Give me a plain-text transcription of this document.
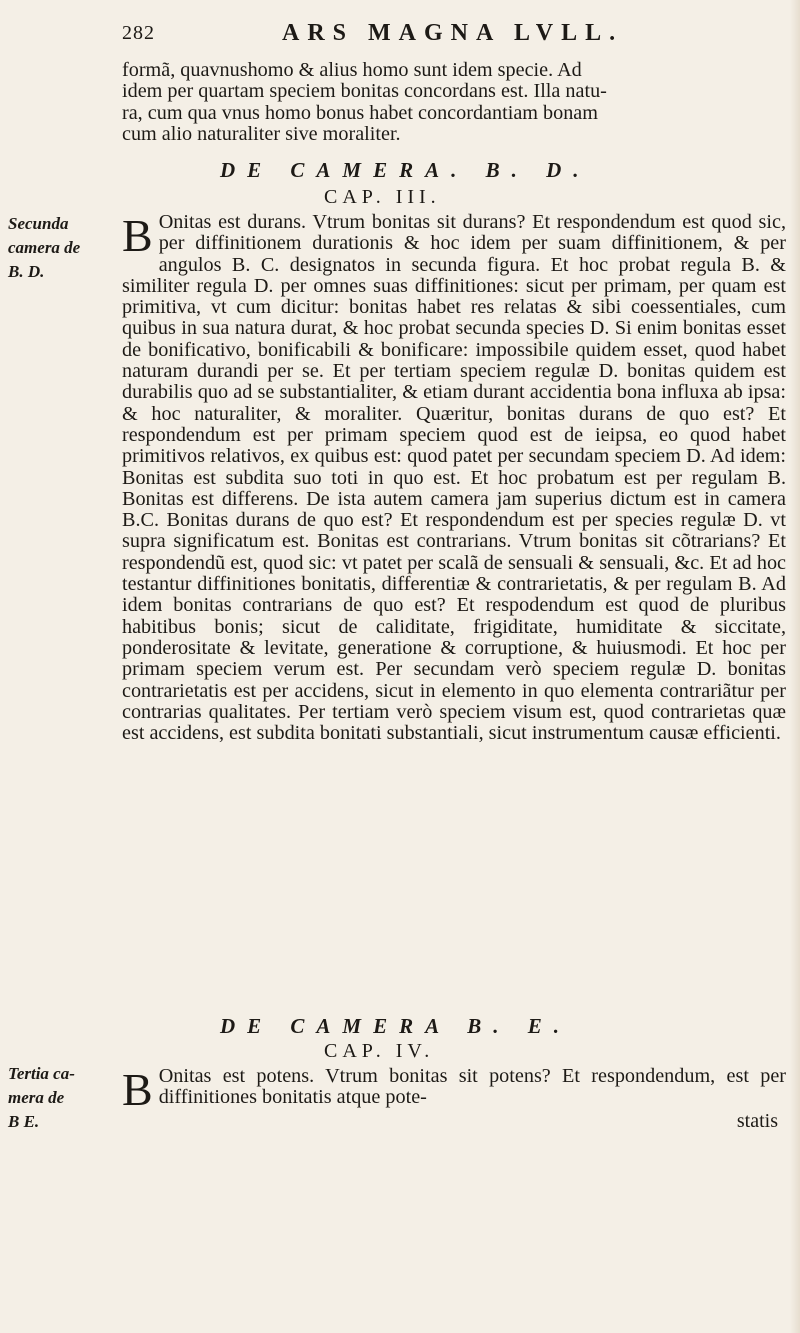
282	ARS MAGNA LVLL.

formã, quavnushomo & alius homo sunt idem specie. Ad

idem per quartam speciem bonitas concordans est. Illa natu-

ra, cum qua vnus homo bonus habet concordantiam bonam

cum alio naturaliter sive moraliter.

DE CAMERA. B. D.
CAP. III.
Secunda
camera de
B. D.
B Onitas est durans. Vtrum bonitas sit durans? Et respondendum est quod sic, per diffinitionem durationis & hoc idem per suam diffinitionem, & per angulos B. C. designatos in secunda figura. Et hoc probat regula B. & similiter regula D. per omnes suas diffinitiones: sicut per primam, per quam est primitiva, vt cum dicitur: bonitas habet res relatas & sibi coessentiales, cum quibus in sua natura durat, & hoc probat secunda species D. Si enim bonitas esset de bonificativo, bonificabili & bonificare: impossibile quidem esset, quod habet naturam durandi per se. Et per tertiam speciem regulæ D. bonitas quidem est durabilis quo ad se substantialiter, & etiam durant accidentia bona influxa ab ipsa: & hoc naturaliter, & moraliter. Quæritur, bonitas durans de quo est? Et respondendum est per primam speciem quod est de ieipsa, eo quod habet primitivos relativos, ex quibus est: quod patet per secundam speciem D. Ad idem: Bonitas est subdita suo toti in quo est. Et hoc probatum est per regulam B. Bonitas est differens. De ista autem camera jam superius dictum est in camera B.C. Bonitas durans de quo est? Et respondendum est per species regulæ D. vt supra significatum est. Bonitas est contrarians. Vtrum bonitas sit cõtrarians? Et respondendũ est, quod sic: vt patet per scalã de sensuali & sensuali, &c. Et ad hoc testantur diffinitiones bonitatis, differentiæ & contrarietatis, & per regulam B. Ad idem bonitas contrarians de quo est? Et respodendum est quod de pluribus habitibus bonis; sicut de caliditate, frigiditate, humiditate & siccitate, ponderositate & levitate, generatione & corruptione, & huiusmodi. Et hoc per primam speciem verum est. Per secundam verò speciem regulæ D. bonitas contrarietatis est per accidens, sicut in elemento in quo elementa contrariãtur per contrarias qualitates. Per tertiam verò speciem visum est, quod contrarietas quæ est accidens, est subdita bonitati substantiali, sicut instrumentum causæ efficienti.
DE CAMERA B. E.
CAP. IV.
Tertia ca-
mera de
B E.
B Onitas est potens. Vtrum bonitas sit potens? Et respondendum, est per diffinitiones bonitatis atque pote-
statis
